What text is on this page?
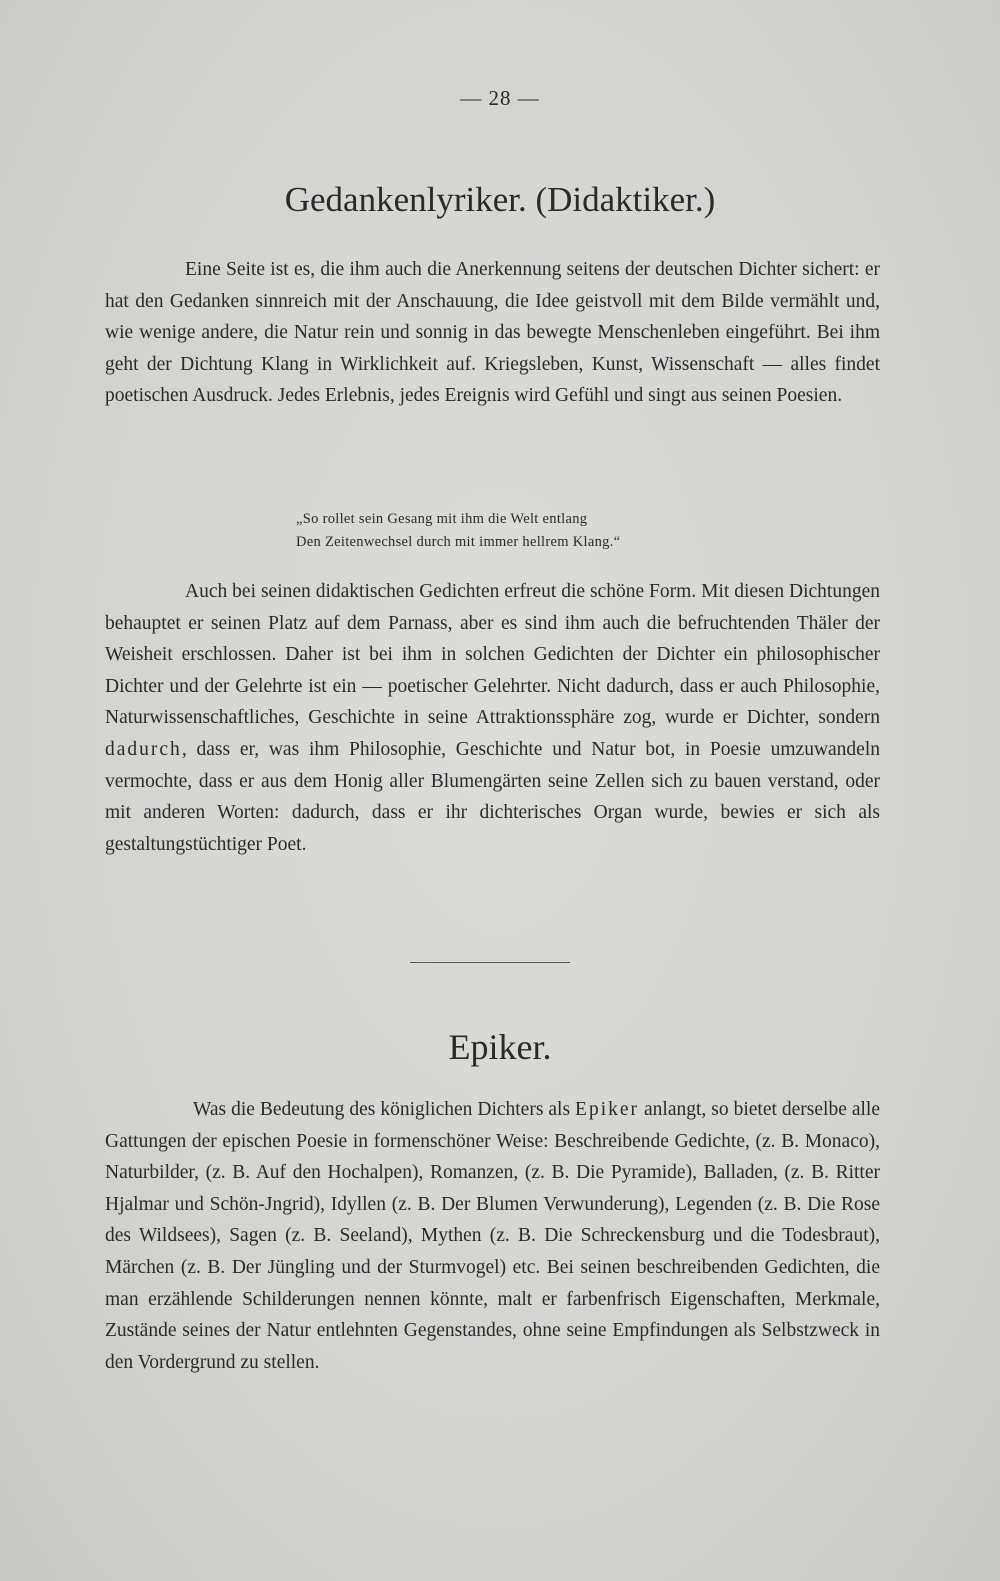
— 28 —
Gedankenlyriker. (Didaktiker.)

Eine Seite ist es, die ihm auch die Anerkennung seitens der deutschen Dichter sichert: er hat den Gedanken sinnreich mit der Anschauung, die Idee geistvoll mit dem Bilde vermählt und, wie wenige andere, die Natur rein und sonnig in das bewegte Menschenleben eingeführt. Bei ihm geht der Dichtung Klang in Wirklichkeit auf. Kriegsleben, Kunst, Wissenschaft — alles findet poetischen Ausdruck. Jedes Erlebnis, jedes Ereignis wird Gefühl und singt aus seinen Poesien.

„So rollet sein Gesang mit ihm die Welt entlang
Den Zeitenwechsel durch mit immer hellrem Klang.“

Auch bei seinen didaktischen Gedichten erfreut die schöne Form. Mit diesen Dichtungen behauptet er seinen Platz auf dem Parnass, aber es sind ihm auch die befruchtenden Thäler der Weisheit erschlossen. Daher ist bei ihm in solchen Gedichten der Dichter ein philosophischer Dichter und der Gelehrte ist ein — poetischer Gelehrter. Nicht dadurch, dass er auch Philosophie, Naturwissenschaftliches, Geschichte in seine Attraktionssphäre zog, wurde er Dichter, sondern dadurch, dass er, was ihm Philosophie, Geschichte und Natur bot, in Poesie umzuwandeln vermochte, dass er aus dem Honig aller Blumengärten seine Zellen sich zu bauen verstand, oder mit anderen Worten: dadurch, dass er ihr dichterisches Organ wurde, bewies er sich als gestaltungstüchtiger Poet.

Epiker.

Was die Bedeutung des königlichen Dichters als Epiker anlangt, so bietet derselbe alle Gattungen der epischen Poesie in formenschöner Weise: Beschreibende Gedichte, (z. B. Monaco), Naturbilder, (z. B. Auf den Hochalpen), Romanzen, (z. B. Die Pyramide), Balladen, (z. B. Ritter Hjalmar und Schön-Jngrid), Idyllen (z. B. Der Blumen Verwunderung), Legenden (z. B. Die Rose des Wildsees), Sagen (z. B. Seeland), Mythen (z. B. Die Schreckensburg und die Todesbraut), Märchen (z. B. Der Jüngling und der Sturmvogel) etc. Bei seinen beschreibenden Gedichten, die man erzählende Schilderungen nennen könnte, malt er farbenfrisch Eigenschaften, Merkmale, Zustände seines der Natur entlehnten Gegenstandes, ohne seine Empfindungen als Selbstzweck in den Vordergrund zu stellen.
